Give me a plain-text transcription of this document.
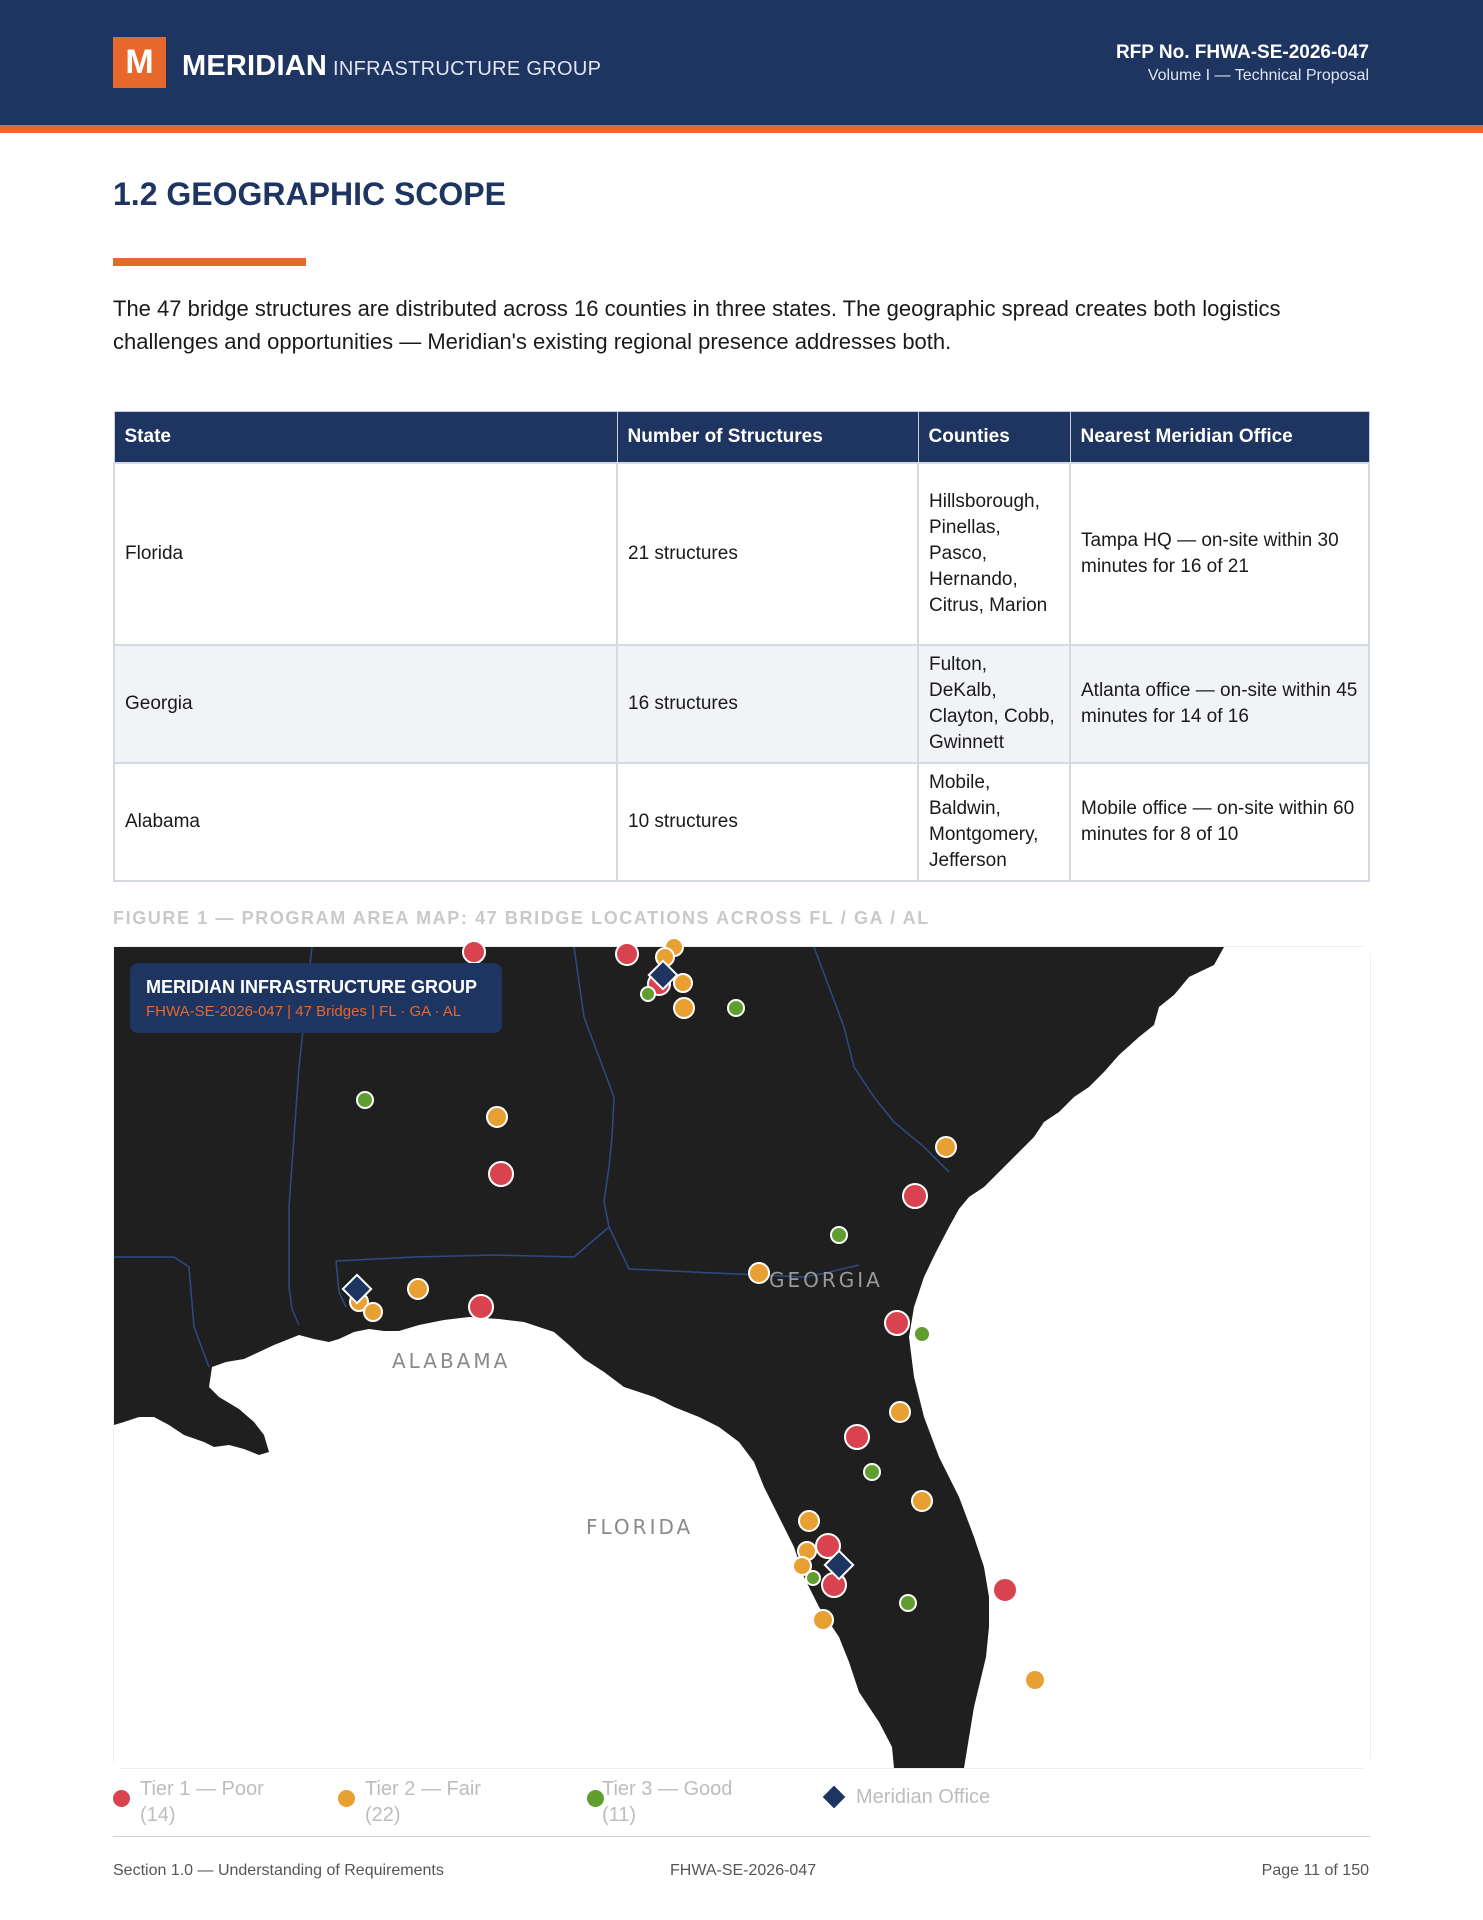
M MERIDIAN INFRASTRUCTURE GROUP
RFP No. FHWA-SE-2026-047
Volume I — Technical Proposal
1.2 GEOGRAPHIC SCOPE
The 47 bridge structures are distributed across 16 counties in three states. The geographic spread creates both logistics challenges and opportunities — Meridian's existing regional presence addresses both.
State	Number of Structures	Counties	Nearest Meridian Office
Florida	21 structures	Hillsborough, Pinellas, Pasco, Hernando, Citrus, Marion	Tampa HQ — on-site within 30 minutes for 16 of 21
Georgia	16 structures	Fulton, DeKalb, Clayton, Cobb, Gwinnett	Atlanta office — on-site within 45 minutes for 14 of 16
Alabama	10 structures	Mobile, Baldwin, Montgomery, Jefferson	Mobile office — on-site within 60 minutes for 8 of 10
FIGURE 1 — PROGRAM AREA MAP: 47 BRIDGE LOCATIONS ACROSS FL / GA / AL
GEORGIA
ALABAMA
FLORIDA
MERIDIAN INFRASTRUCTURE GROUP
FHWA-SE-2026-047 | 47 Bridges | FL · GA · AL
Tier 1 — Poor
(14)
Tier 2 — Fair
(22)
Tier 3 — Good
(11)
Meridian Office
Section 1.0 — Understanding of Requirements	FHWA-SE-2026-047	Page 11 of 150
